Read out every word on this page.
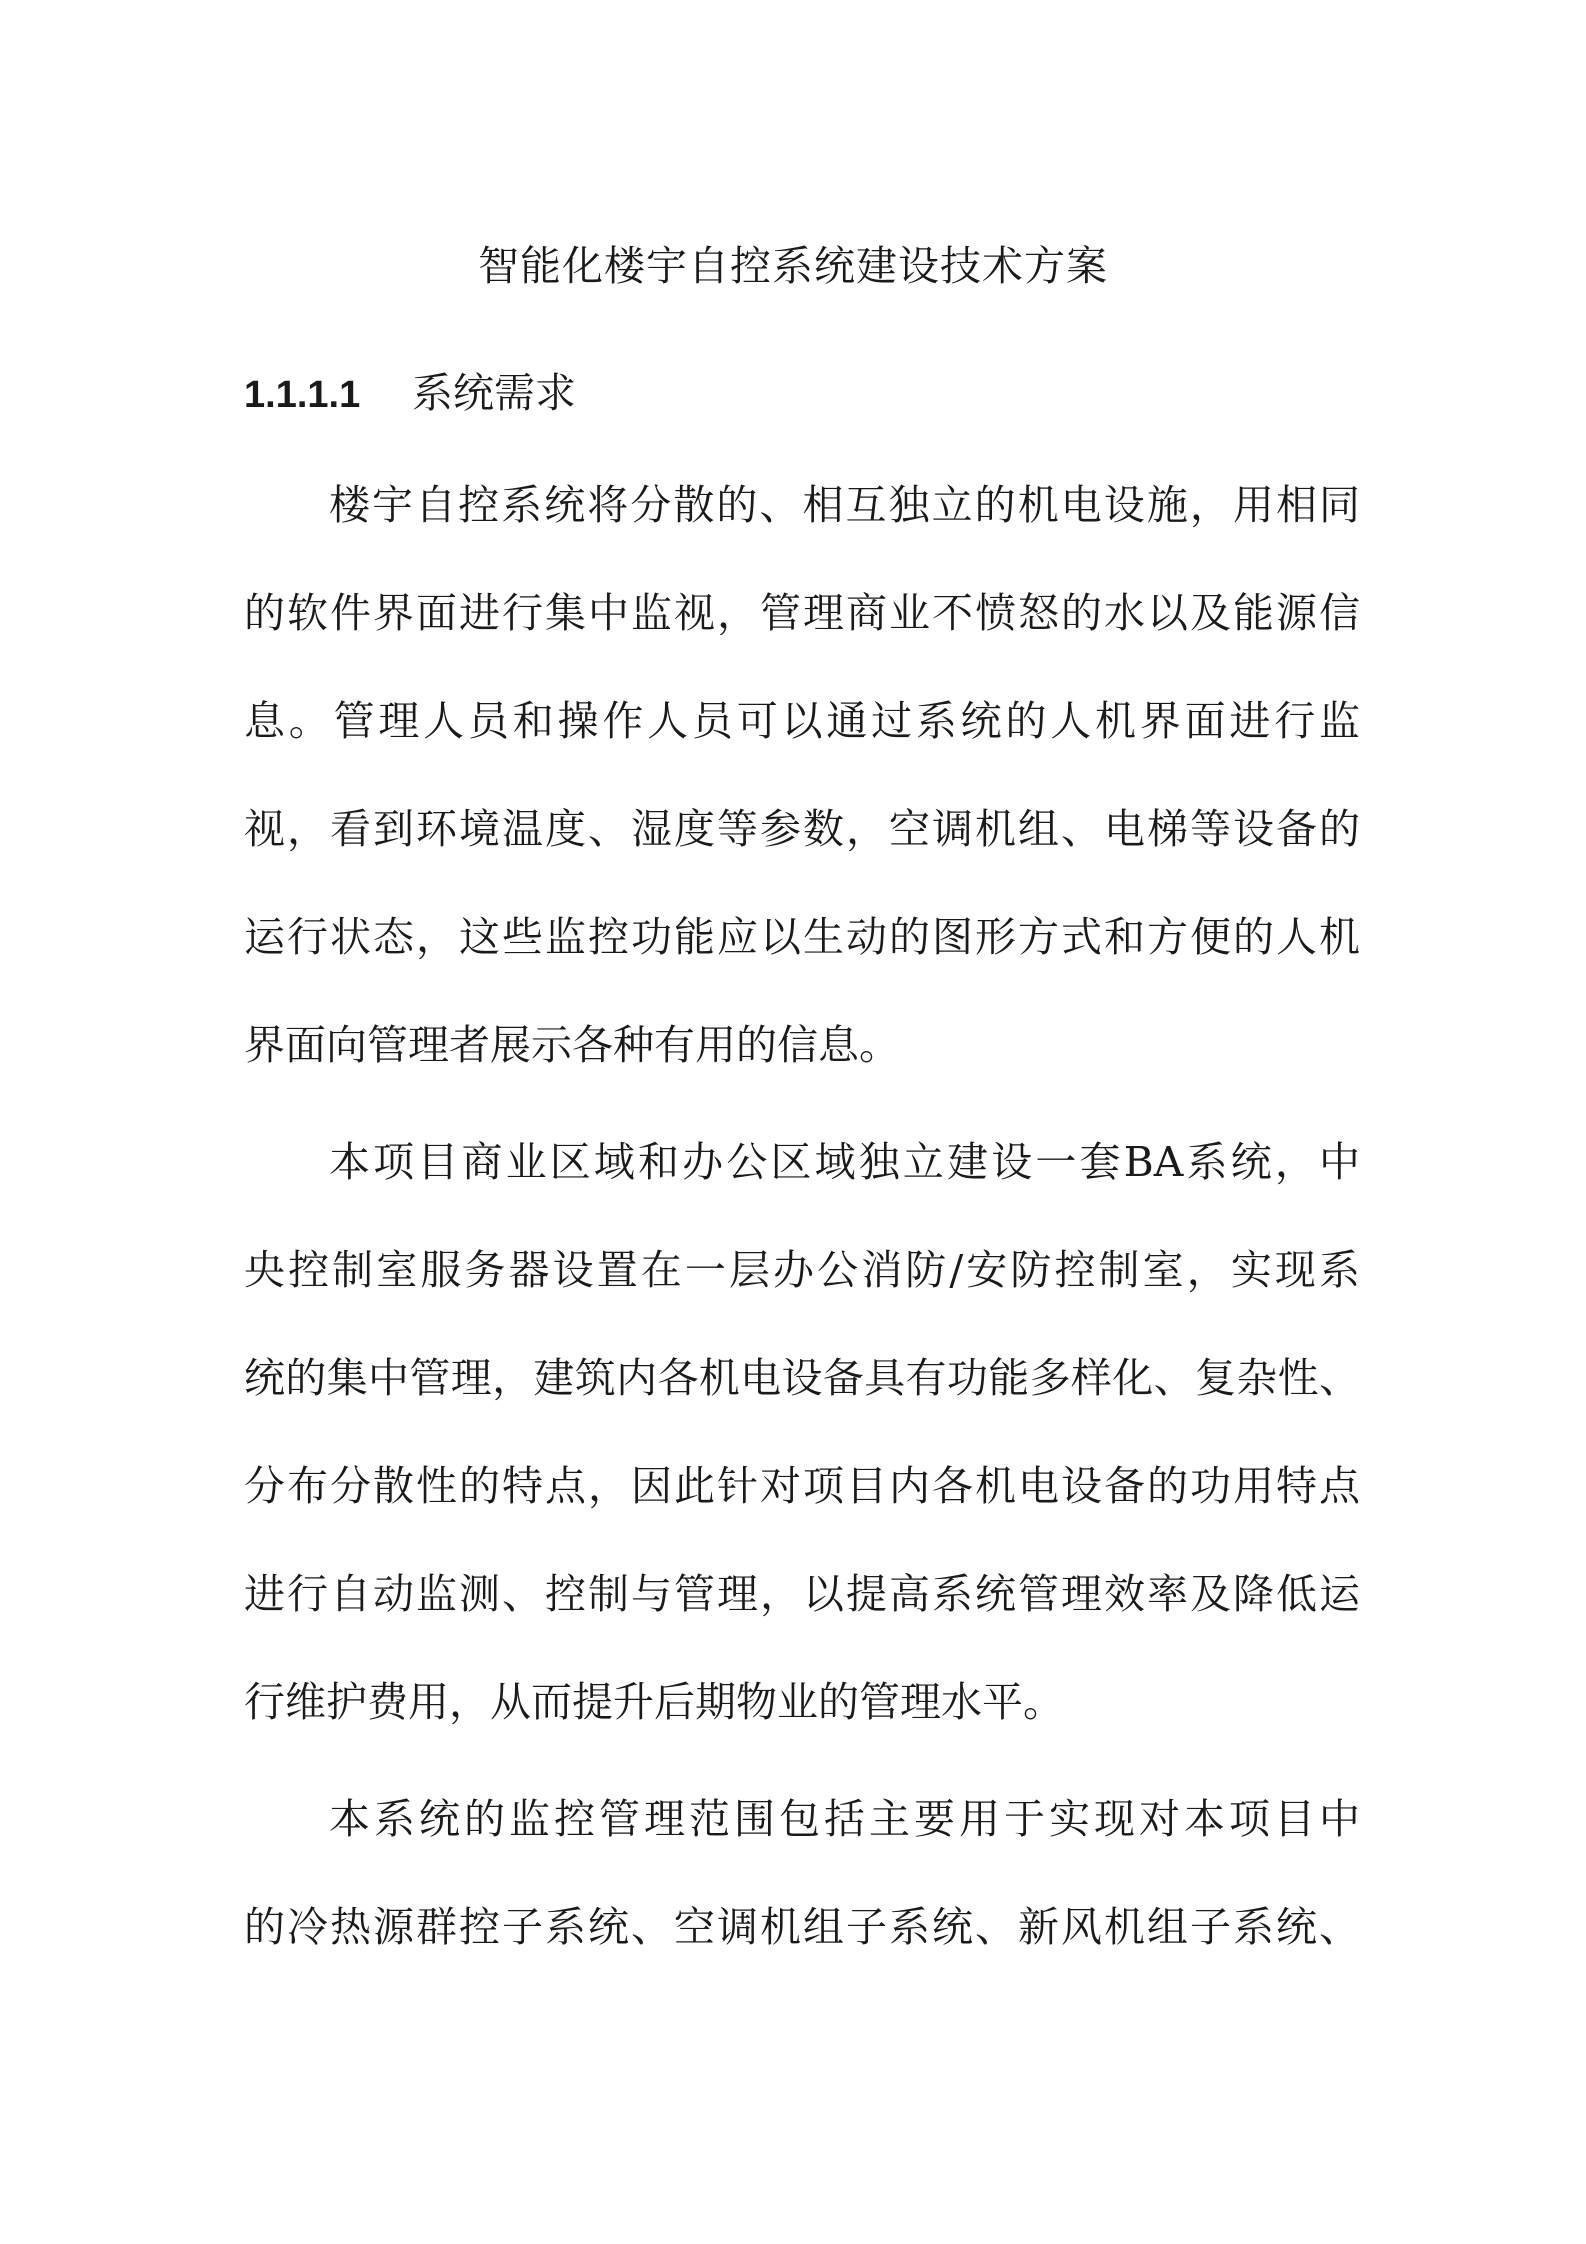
智能化楼宇自控系统建设技术方案
1.1.1.1 系统需求
楼宇自控系统将分散的、相互独立的机电设施，用相同
的软件界面进行集中监视，管理商业不愤怒的水以及能源信
息。管理人员和操作人员可以通过系统的人机界面进行监
视，看到环境温度、湿度等参数，空调机组、电梯等设备的
运行状态，这些监控功能应以生动的图形方式和方便的人机
界面向管理者展示各种有用的信息。
本项目商业区域和办公区域独立建设一套BA系统，中
央控制室服务器设置在一层办公消防/安防控制室，实现系
统的集中管理，建筑内各机电设备具有功能多样化、复杂性、
分布分散性的特点，因此针对项目内各机电设备的功用特点
进行自动监测、控制与管理，以提高系统管理效率及降低运
行维护费用，从而提升后期物业的管理水平。
本系统的监控管理范围包括主要用于实现对本项目中
的冷热源群控子系统、空调机组子系统、新风机组子系统、
